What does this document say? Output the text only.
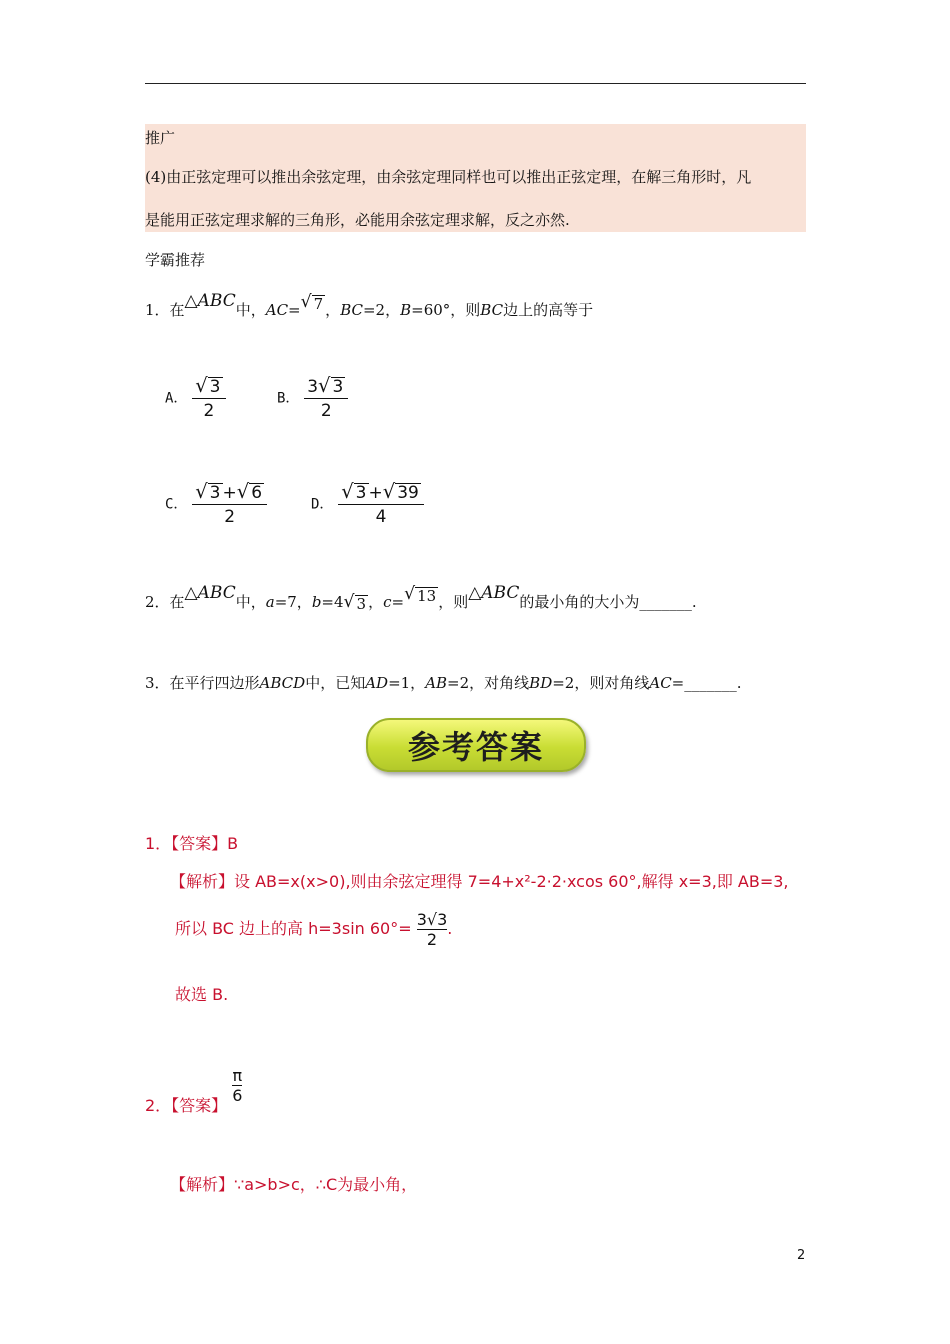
推广
(4)由正弦定理可以推出余弦定理，由余弦定理同样也可以推出正弦定理，在解三角形时，凡
是能用正弦定理求解的三角形，必能用余弦定理求解，反之亦然.
学霸推荐
1．在△ABC中，AC= √ 7 ，BC=2，B=60°，则BC边上的高等于
A． $\frac{√ 3}{2}$	B． $\frac{3 √ 3}{2}$
C． $\frac{√ 3 + √ 6}{2}$	D． $\frac{√ 3 + √ 39}{4}$
2．在△ABC中，a=7，b=4 √ 3 ，c= √ 13 ，则△ABC的最小角的大小为_______.
3．在平行四边形ABCD中，已知AD=1，AB=2，对角线BD=2，则对角线AC=_______.
参考答案
1．【答案】B
【解析】设 AB=x(x>0),则由余弦定理得 7=4+x²-2·2·xcos 60°,解得 x=3,即 AB=3,
所以 BC 边上的高 h=3sin $60^\circ= \frac{3√3}{2}$ .
故选 B.
2．【答案】
$\frac{\pi}{6}$
【解析】∵a>b>c，∴C为最小角，
2
